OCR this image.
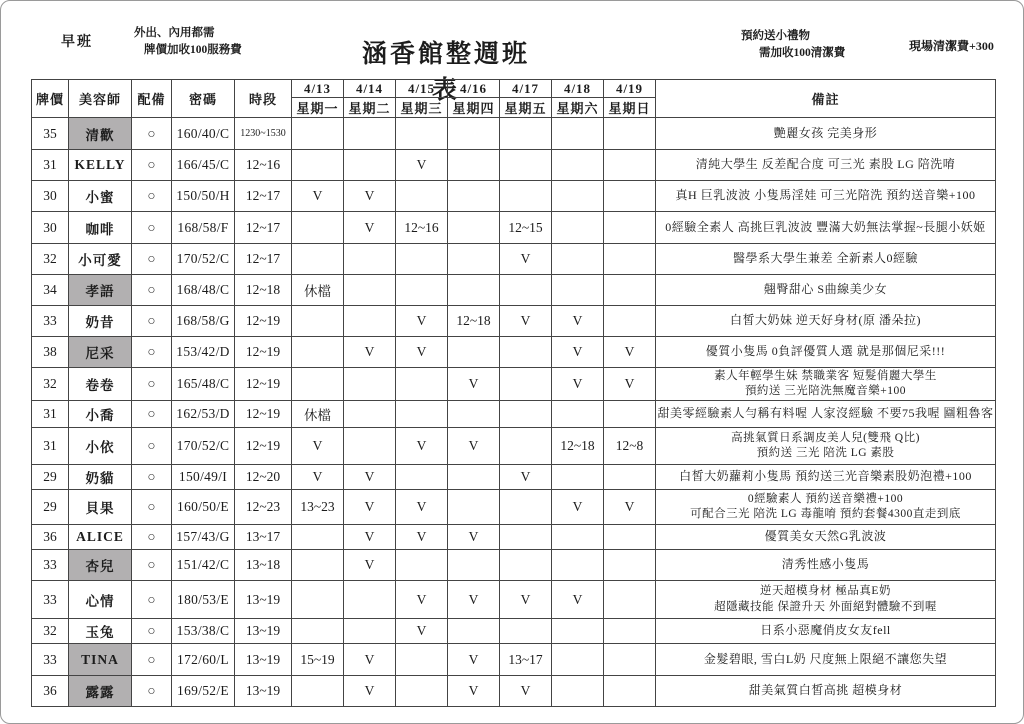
早班
外出、內用都需
牌價加收100服務費	涵香館整週班表
預約送小禮物
需加收100清潔費
現場清潔費+300
牌價	美容師	配備	密碼	時段	4/13	4/14	4/15	4/16	4/17	4/18	4/19	備註
					星期一	星期二	星期三	星期四	星期五	星期六	星期日	
35	清歡	○	160/40/C	1230~1530								艷麗女孩 完美身形

31	KELLY	○	166/45/C	12~16			V					清純大學生 反差配合度 可三光 素股 LG 陪洗唷

30	小蜜	○	150/50/H	12~17	V	V						真H 巨乳波波 小隻馬淫娃 可三光陪洗 預約送音樂+100

30	咖啡	○	168/58/F	12~17		V	12~16		12~15			0經驗全素人 高挑巨乳波波 豐滿大奶無法掌握~長腿小妖姬

32	小可愛	○	170/52/C	12~17					V			醫學系大學生兼差 全新素人0經驗

34	孝語	○	168/48/C	12~18	休檔							翹臀甜心 S曲線美少女

33	奶昔	○	168/58/G	12~19			V	12~18	V	V		白皙大奶妹 逆天好身材(原 潘朵拉)

38	尼采	○	153/42/D	12~19		V	V			V	V	優質小隻馬 0負評優質人選 就是那個尼采!!!

32	卷卷	○	165/48/C	12~19				V		V	V	素人年輕學生妹 禁職業客 短髮俏麗大學生
預約送 三光陪洗無魔音樂+100

31	小喬	○	162/53/D	12~19	休檔							甜美零經驗素人勻稱有料喔 人家沒經驗 不要75我喔 圝粗魯客

31	小依	○	170/52/C	12~19	V		V	V		12~18	12~8	高挑氣質日系調皮美人兒(雙飛 Q比)
預約送 三光 陪洗 LG 素股

29	奶貓	○	150/49/I	12~20	V	V			V			白皙大奶蘿莉小隻馬 預約送三光音樂素股奶泡禮+100

29	貝果	○	160/50/E	12~23	13~23	V	V			V	V	0經驗素人 預約送音樂禮+100
可配合三光 陪洗 LG 毒龍唷 預約套餐4300直走到底

36	ALICE	○	157/43/G	13~17		V	V	V				優質美女天然G乳波波

33	杏兒	○	151/42/C	13~18		V						清秀性感小隻馬

33	心情	○	180/53/E	13~19			V	V	V	V		逆天超模身材 極品真E奶
超隱藏技能 保證升天 外面絕對體驗不到喔

32	玉兔	○	153/38/C	13~19			V					日系小惡魔俏皮女友fell

33	TINA	○	172/60/L	13~19	15~19	V		V	13~17			金髮碧眼, 雪白L奶 尺度無上限絕不讓您失望

36	露露	○	169/52/E	13~19		V		V	V			甜美氣質白皙高挑 超模身材
